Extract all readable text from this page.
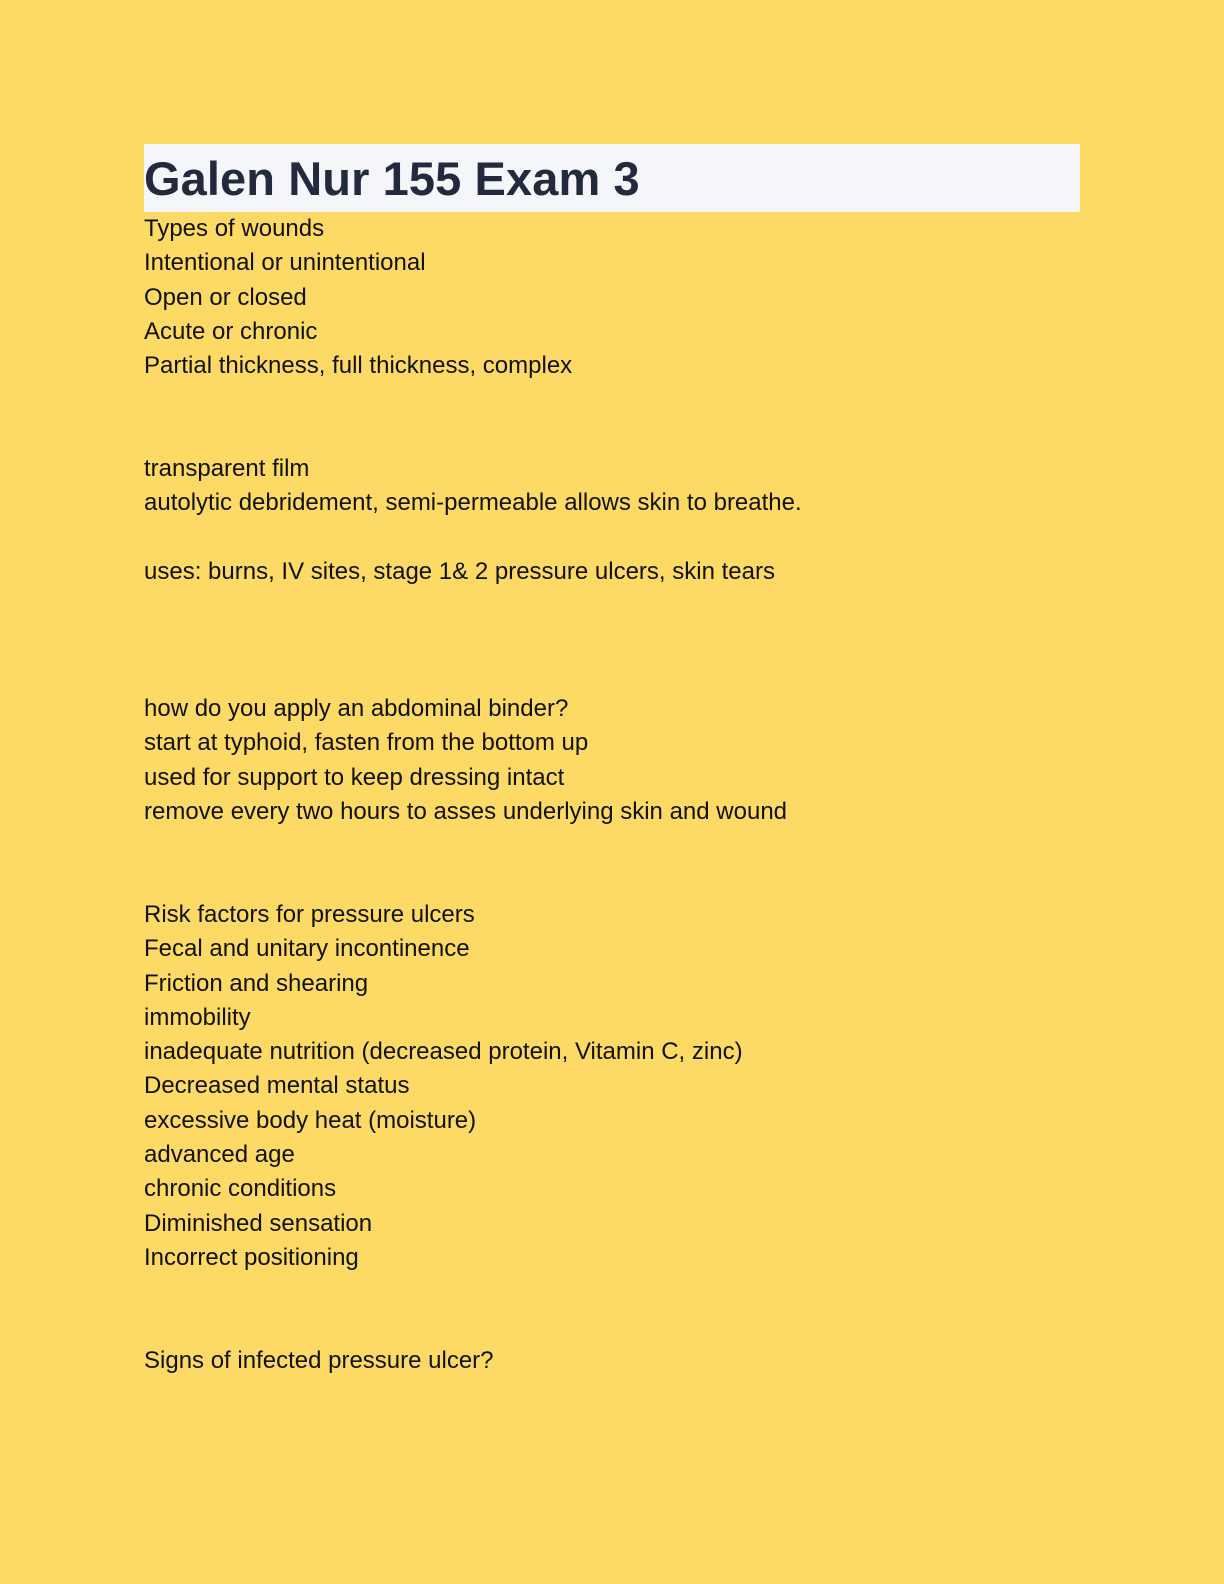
Galen Nur 155 Exam 3

Types of wounds

Intentional or unintentional

Open or closed

Acute or chronic

Partial thickness, full thickness, complex

transparent film

autolytic debridement, semi-permeable allows skin to breathe.

uses: burns, IV sites, stage 1& 2 pressure ulcers, skin tears

how do you apply an abdominal binder?

start at typhoid, fasten from the bottom up

used for support to keep dressing intact

remove every two hours to asses underlying skin and wound

Risk factors for pressure ulcers

Fecal and unitary incontinence

Friction and shearing

immobility

inadequate nutrition (decreased protein, Vitamin C, zinc)

Decreased mental status

excessive body heat (moisture)

advanced age

chronic conditions

Diminished sensation

Incorrect positioning

Signs of infected pressure ulcer?
